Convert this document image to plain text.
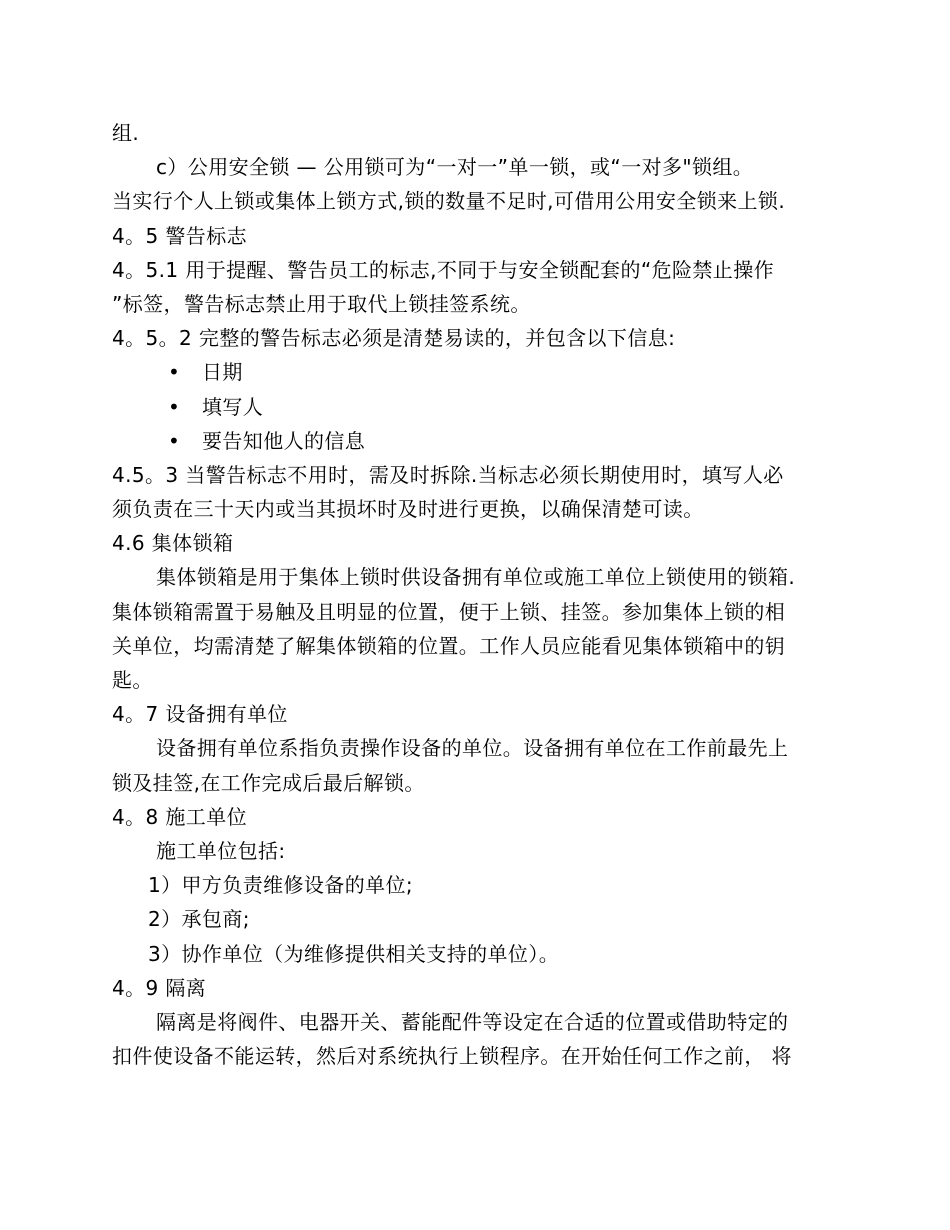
组.
c）公用安全锁 — 公用锁可为“一对一”单一锁，或“一对多"锁组。
当实行个人上锁或集体上锁方式,锁的数量不足时,可借用公用安全锁来上锁.
4。5 警告标志
4。5.1 用于提醒、警告员工的标志,不同于与安全锁配套的“危险禁止操作
”标签，警告标志禁止用于取代上锁挂签系统。
4。5。2 完整的警告标志必须是清楚易读的，并包含以下信息:
• 日期
• 填写人
• 要告知他人的信息
4.5。3 当警告标志不用时，需及时拆除.当标志必须长期使用时，填写人必
须负责在三十天内或当其损坏时及时进行更换，以确保清楚可读。
4.6 集体锁箱
集体锁箱是用于集体上锁时供设备拥有单位或施工单位上锁使用的锁箱.
集体锁箱需置于易触及且明显的位置，便于上锁、挂签。参加集体上锁的相
关单位，均需清楚了解集体锁箱的位置。工作人员应能看见集体锁箱中的钥
匙。
4。7 设备拥有单位
设备拥有单位系指负责操作设备的单位。设备拥有单位在工作前最先上
锁及挂签,在工作完成后最后解锁。
4。8 施工单位
施工单位包括:
1）甲方负责维修设备的单位;
2）承包商;
3）协作单位（为维修提供相关支持的单位）。
4。9 隔离
隔离是将阀件、电器开关、蓄能配件等设定在合适的位置或借助特定的
扣件使设备不能运转，然后对系统执行上锁程序。在开始任何工作之前， 将
